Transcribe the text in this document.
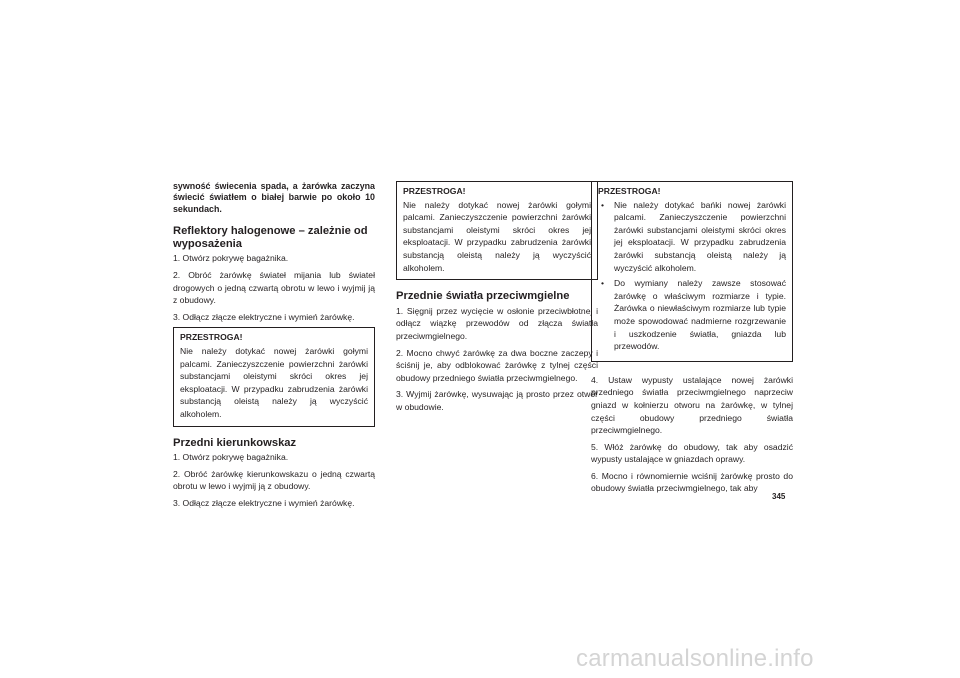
sywność świecenia spada, a żarówka zaczyna świecić światłem o białej barwie po około 10 sekundach.

Reflektory halogenowe – zależnie od wyposażenia

1. Otwórz pokrywę bagażnika.

2. Obróć żarówkę świateł mijania lub świateł drogowych o jedną czwartą obrotu w lewo i wyjmij ją z obudowy.

3. Odłącz złącze elektryczne i wymień żarówkę.

PRZESTROGA!

Nie należy dotykać nowej żarówki gołymi palcami. Zanieczyszczenie powierzchni żarówki substancjami oleistymi skróci okres jej eksploatacji. W przypadku zabrudzenia żarówki substancją oleistą należy ją wyczyścić alkoholem.

Przedni kierunkowskaz

1. Otwórz pokrywę bagażnika.

2. Obróć żarówkę kierunkowskazu o jedną czwartą obrotu w lewo i wyjmij ją z obudowy.

3. Odłącz złącze elektryczne i wymień żarówkę.

PRZESTROGA!

Nie należy dotykać nowej żarówki gołymi palcami. Zanieczyszczenie powierzchni żarówki substancjami oleistymi skróci okres jej eksploatacji. W przypadku zabrudzenia żarówki substancją oleistą należy ją wyczyścić alkoholem.

Przednie światła przeciwmgielne

1. Sięgnij przez wycięcie w osłonie przeciwbłotnej i odłącz wiązkę przewodów od złącza światła przeciwmgielnego.

2. Mocno chwyć żarówkę za dwa boczne zaczepy i ściśnij je, aby odblokować żarówkę z tylnej części obudowy przedniego światła przeciwmgielnego.

3. Wyjmij żarówkę, wysuwając ją prosto przez otwór w obudowie.

PRZESTROGA!
• Nie należy dotykać bańki nowej żarówki palcami. Zanieczyszczenie powierzchni żarówki substancjami oleistymi skróci okres jej eksploatacji. W przypadku zabrudzenia żarówki substancją oleistą należy ją wyczyścić alkoholem.
• Do wymiany należy zawsze stosować żarówkę o właściwym rozmiarze i typie. Żarówka o niewłaściwym rozmiarze lub typie może spowodować nadmierne rozgrzewanie i uszkodzenie światła, gniazda lub przewodów.

4. Ustaw wypusty ustalające nowej żarówki przedniego światła przeciwmgielnego naprzeciw gniazd w kołnierzu otworu na żarówkę, w tylnej części obudowy przedniego światła przeciwmgielnego.

5. Włóż żarówkę do obudowy, tak aby osadzić wypusty ustalające w gniazdach oprawy.

6. Mocno i równomiernie wciśnij żarówkę prosto do obudowy światła przeciwmgielnego, tak aby

345
carmanualsonline.info
